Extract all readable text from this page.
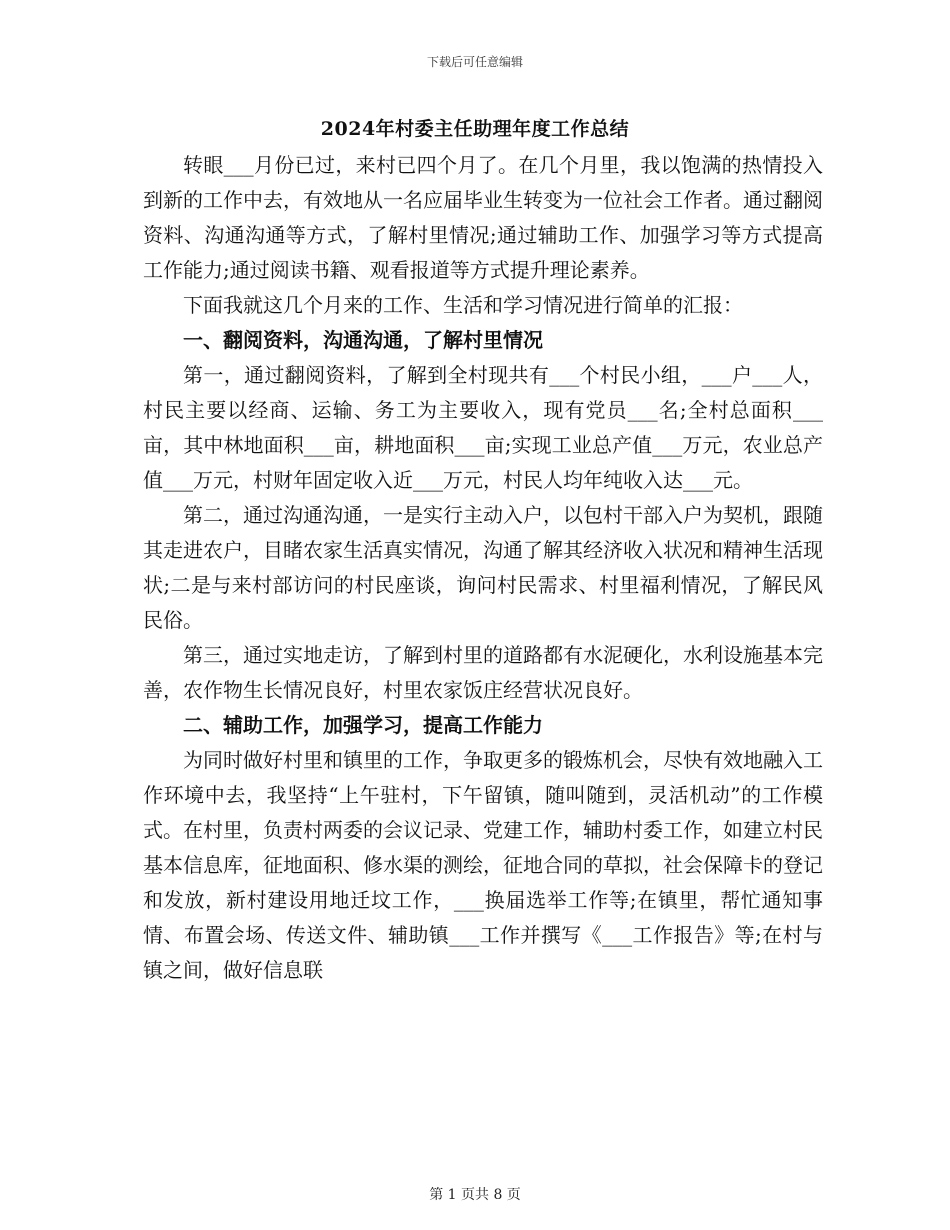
下载后可任意编辑
2024年村委主任助理年度工作总结

转眼___月份已过，来村已四个月了。在几个月里，我以饱满的热情投入到新的工作中去，有效地从一名应届毕业生转变为一位社会工作者。通过翻阅资料、沟通沟通等方式，了解村里情况;通过辅助工作、加强学习等方式提高工作能力;通过阅读书籍、观看报道等方式提升理论素养。

下面我就这几个月来的工作、生活和学习情况进行简单的汇报：

一、翻阅资料，沟通沟通，了解村里情况

第一，通过翻阅资料，了解到全村现共有___个村民小组，___户___人，村民主要以经商、运输、务工为主要收入，现有党员___名;全村总面积___亩，其中林地面积___亩，耕地面积___亩;实现工业总产值___万元，农业总产值___万元，村财年固定收入近___万元，村民人均年纯收入达___元。

第二，通过沟通沟通，一是实行主动入户，以包村干部入户为契机，跟随其走进农户，目睹农家生活真实情况，沟通了解其经济收入状况和精神生活现状;二是与来村部访问的村民座谈，询问村民需求、村里福利情况，了解民风民俗。

第三，通过实地走访，了解到村里的道路都有水泥硬化，水利设施基本完善，农作物生长情况良好，村里农家饭庄经营状况良好。

二、辅助工作，加强学习，提高工作能力

为同时做好村里和镇里的工作，争取更多的锻炼机会，尽快有效地融入工作环境中去，我坚持“上午驻村，下午留镇，随叫随到，灵活机动”的工作模式。在村里，负责村两委的会议记录、党建工作，辅助村委工作，如建立村民基本信息库，征地面积、修水渠的测绘，征地合同的草拟，社会保障卡的登记和发放，新村建设用地迁坟工作，___换届选举工作等;在镇里，帮忙通知事情、布置会场、传送文件、辅助镇___工作并撰写《___工作报告》等;在村与镇之间，做好信息联

第 1 页共 8 页
